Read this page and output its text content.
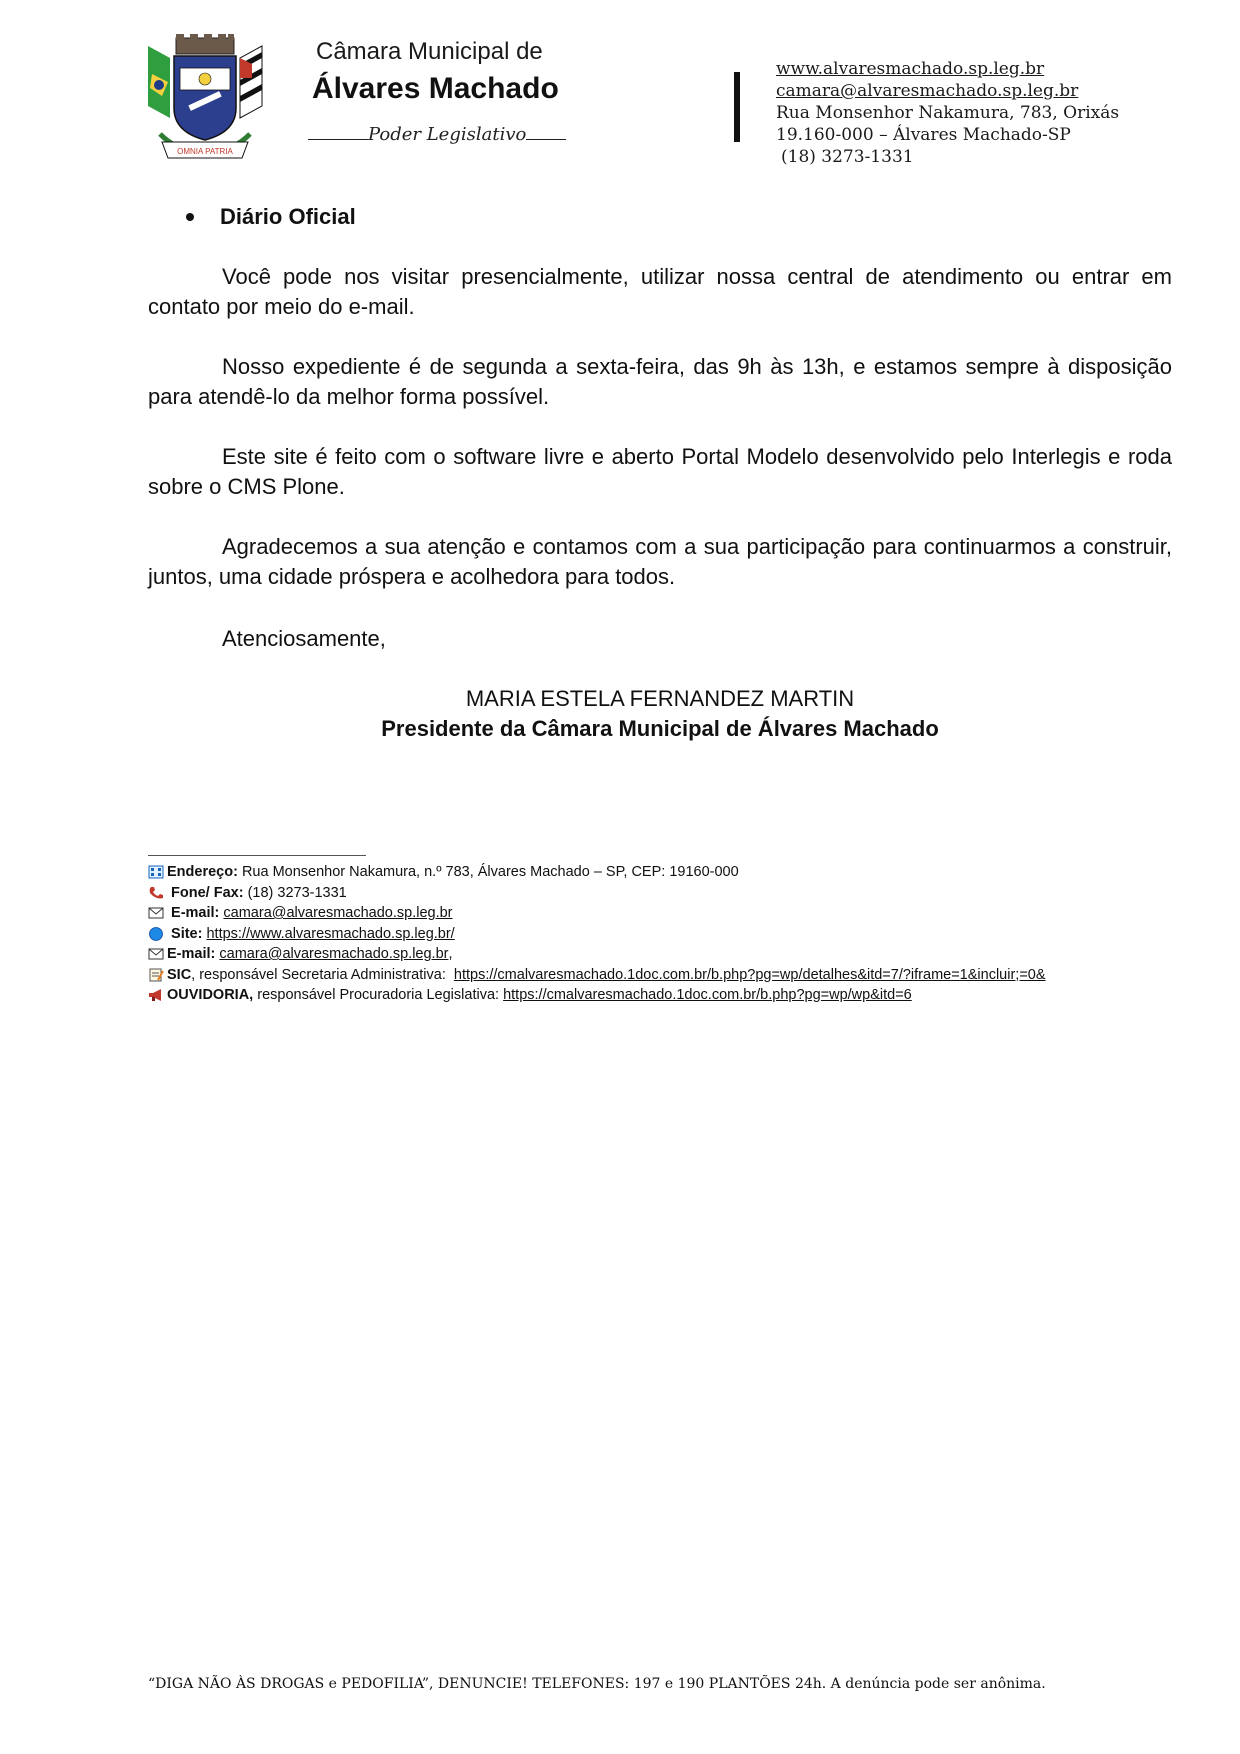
OMNIA PATRIA
Câmara Municipal de
Álvares Machado
Poder Legislativo
www.alvaresmachado.sp.leg.br
camara@alvaresmachado.sp.leg.br
Rua Monsenhor Nakamura, 783, Orixás
19.160-000 – Álvares Machado-SP
(18) 3273-1331
Diário Oficial
Você pode nos visitar presencialmente, utilizar nossa central de atendimento ou entrar em contato por meio do e-mail.
Nosso expediente é de segunda a sexta-feira, das 9h às 13h, e estamos sempre à disposição para atendê-lo da melhor forma possível.
Este site é feito com o software livre e aberto Portal Modelo desenvolvido pelo Interlegis e roda sobre o CMS Plone.
Agradecemos a sua atenção e contamos com a sua participação para continuarmos a construir, juntos, uma cidade próspera e acolhedora para todos.
Atenciosamente,
MARIA ESTELA FERNANDEZ MARTIN
Presidente da Câmara Municipal de Álvares Machado
Endereço:
Rua Monsenhor Nakamura, n.º 783, Álvares Machado – SP, CEP: 19160-000

Fone/ Fax:
(18) 3273-1331

E-mail:
camara@alvaresmachado.sp.leg.br

Site:
https://www.alvaresmachado.sp.leg.br/
E-mail:
camara@alvaresmachado.sp.leg.br ,
SIC , responsável Secretaria Administrativa:
https://cmalvaresmachado.1doc.com.br/b.php?pg=wp/detalhes&itd=7/?iframe=1&incluir;=0&
OUVIDORIA,
responsável Procuradoria Legislativa:
https://cmalvaresmachado.1doc.com.br/b.php?pg=wp/wp&itd=6
“DIGA NÃO ÀS DROGAS e PEDOFILIA”, DENUNCIE! TELEFONES: 197 e 190 PLANTÕES 24h. A denúncia pode ser anônima.
